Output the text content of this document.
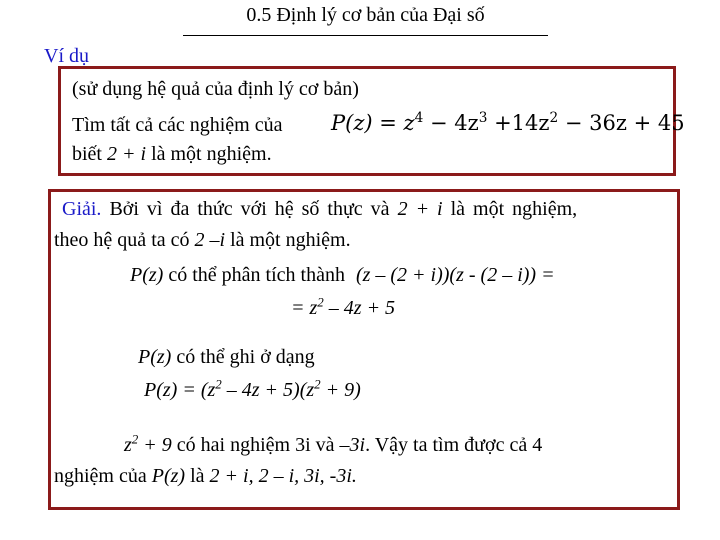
0.5 Định lý cơ bản của Đại số
Ví dụ
(sử dụng hệ quả của định lý cơ bản)
Tìm tất cả các nghiệm của $P(z) = z^4 - 4z^3 +14z^2 - 36z + 45$
biết 2 + i là một nghiệm.
Giải. Bởi vì đa thức với hệ số thực và 2 + i là một nghiệm,
theo hệ quả ta có 2 –i là một nghiệm.
P(z) có thể phân tích thành (z – (2 + i))(z - (2 – i)) =
= $z^2 - 4z + 5$
P(z) có thể ghi ở dạng
$P(z) = (z^2 - 4z + 5)(z^2 + 9)$
$z^2 + 9$ có hai nghiệm 3i và –3i. Vậy ta tìm được cả 4
nghiệm của P(z) là 2 + i, 2 – i, 3i, -3i.
